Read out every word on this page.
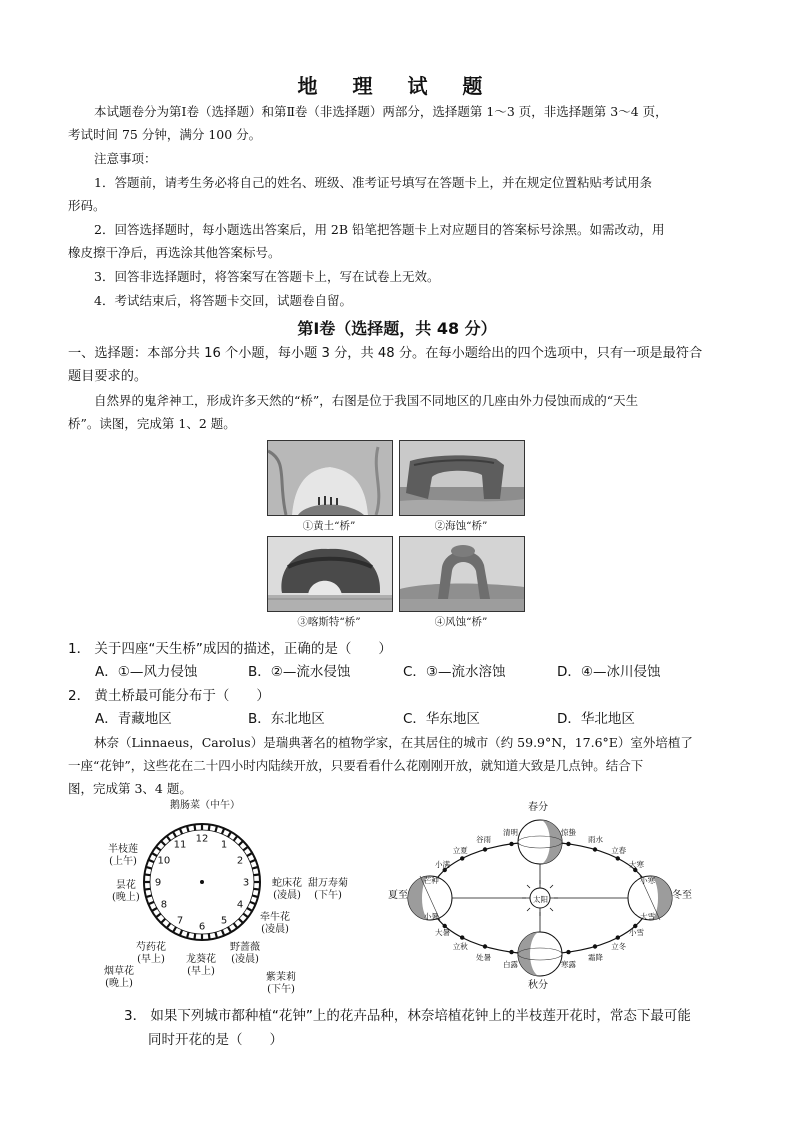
地 理 试 题
本试题卷分为第Ⅰ卷（选择题）和第Ⅱ卷（非选择题）两部分，选择题第 1～3 页，非选择题第 3～4 页，
考试时间 75 分钟，满分 100 分。
注意事项：
1．答题前，请考生务必将自己的姓名、班级、准考证号填写在答题卡上，并在规定位置粘贴考试用条
形码。
2．回答选择题时，每小题选出答案后，用 2B 铅笔把答题卡上对应题目的答案标号涂黑。如需改动，用
橡皮擦干净后，再选涂其他答案标号。
3．回答非选择题时，将答案写在答题卡上，写在试卷上无效。
4．考试结束后，将答题卡交回，试题卷自留。
第Ⅰ卷（选择题，共 48 分）
一、选择题：本部分共 16 个小题，每小题 3 分，共 48 分。在每小题给出的四个选项中，只有一项是最符合
题目要求的。
自然界的鬼斧神工，形成许多天然的“桥”，右图是位于我国不同地区的几座由外力侵蚀而成的“天生
桥”。读图，完成第 1、2 题。
①黄土“桥”	②海蚀“桥”
③喀斯特“桥”	④风蚀“桥”
1． 关于四座“天生桥”成因的描述，正确的是（　　）
A．①—风力侵蚀	B．②—流水侵蚀	C．③—流水溶蚀	D．④—冰川侵蚀
2． 黄土桥最可能分布于（　　）
A．青藏地区	B．东北地区	C．华东地区	D．华北地区
林奈（Linnaeus，Carolus）是瑞典著名的植物学家，在其居住的城市（约 59.9°N，17.6°E）室外培植了
一座“花钟”，这些花在二十四小时内陆续开放，只要看看什么花刚刚开放，就知道大致是几点钟。结合下
图，完成第 3、4 题。
12
1
2
3
4
5
6
7
8
9
10
11
鹅肠菜（中午）
半枝莲
(上午)
昙花
(晚上)
芍药花
(早上)
烟草花
(晚上)
龙葵花
(早上)
野蔷薇
(凌晨)
紫茉莉
(下午)
蛇床花
(凌晨)
甜万寿菊
(下午)
牵牛花
(凌晨)
春分
夏至
秋分
冬至
太阳
芒种
小满
立夏
谷雨
清明	惊蛰
雨水
立春
大寒
小寒
小暑
大暑
立秋
处暑
白露	寒露
霜降
立冬
小雪
大雪
3． 如果下列城市都种植“花钟”上的花卉品种，林奈培植花钟上的半枝莲开花时，常态下最可能
同时开花的是（　　）
